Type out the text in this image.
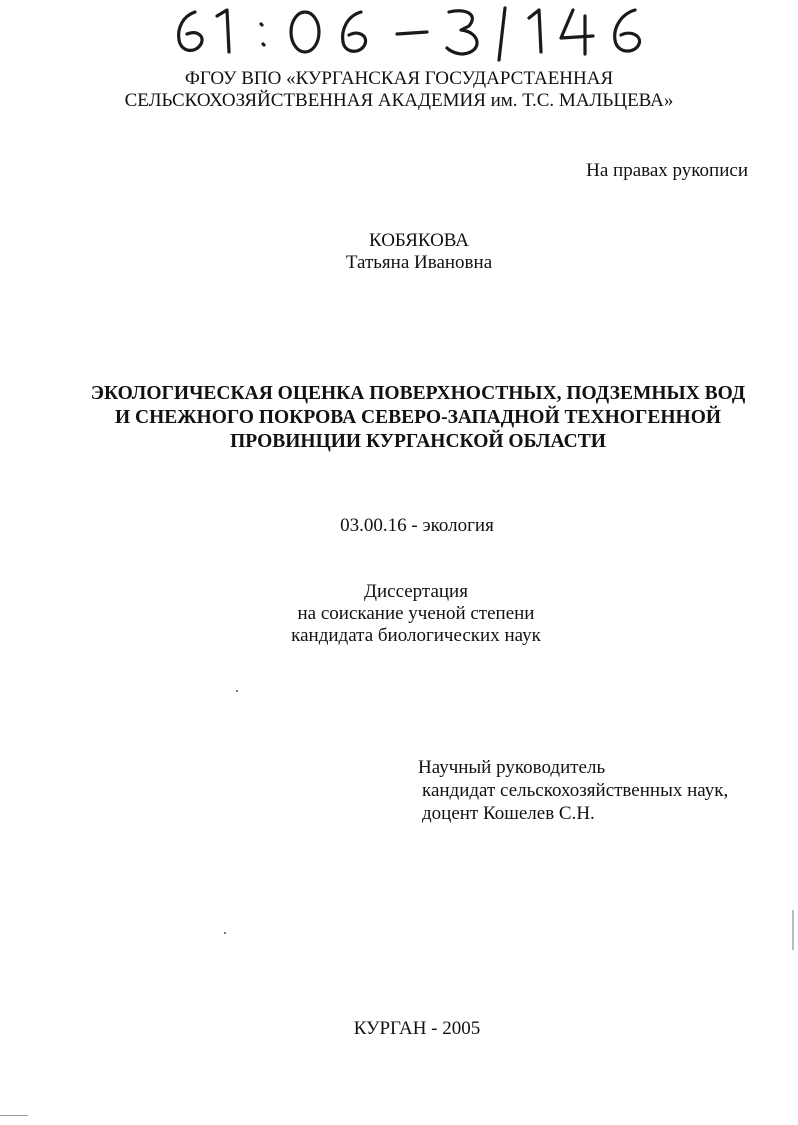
ФГОУ ВПО «КУРГАНСКАЯ ГОСУДАРСТАЕННАЯ
СЕЛЬСКОХОЗЯЙСТВЕННАЯ АКАДЕМИЯ им. Т.С. МАЛЬЦЕВА»
На правах рукописи
КОБЯКОВА
Татьяна Ивановна
ЭКОЛОГИЧЕСКАЯ ОЦЕНКА ПОВЕРХНОСТНЫХ, ПОДЗЕМНЫХ ВОД
И СНЕЖНОГО ПОКРОВА СЕВЕРО-ЗАПАДНОЙ ТЕХНОГЕННОЙ
ПРОВИНЦИИ КУРГАНСКОЙ ОБЛАСТИ
03.00.16 - экология
Диссертация
на соискание ученой степени
кандидата биологических наук
Научный руководитель
кандидат сельскохозяйственных наук,
доцент Кошелев С.Н.
КУРГАН - 2005
